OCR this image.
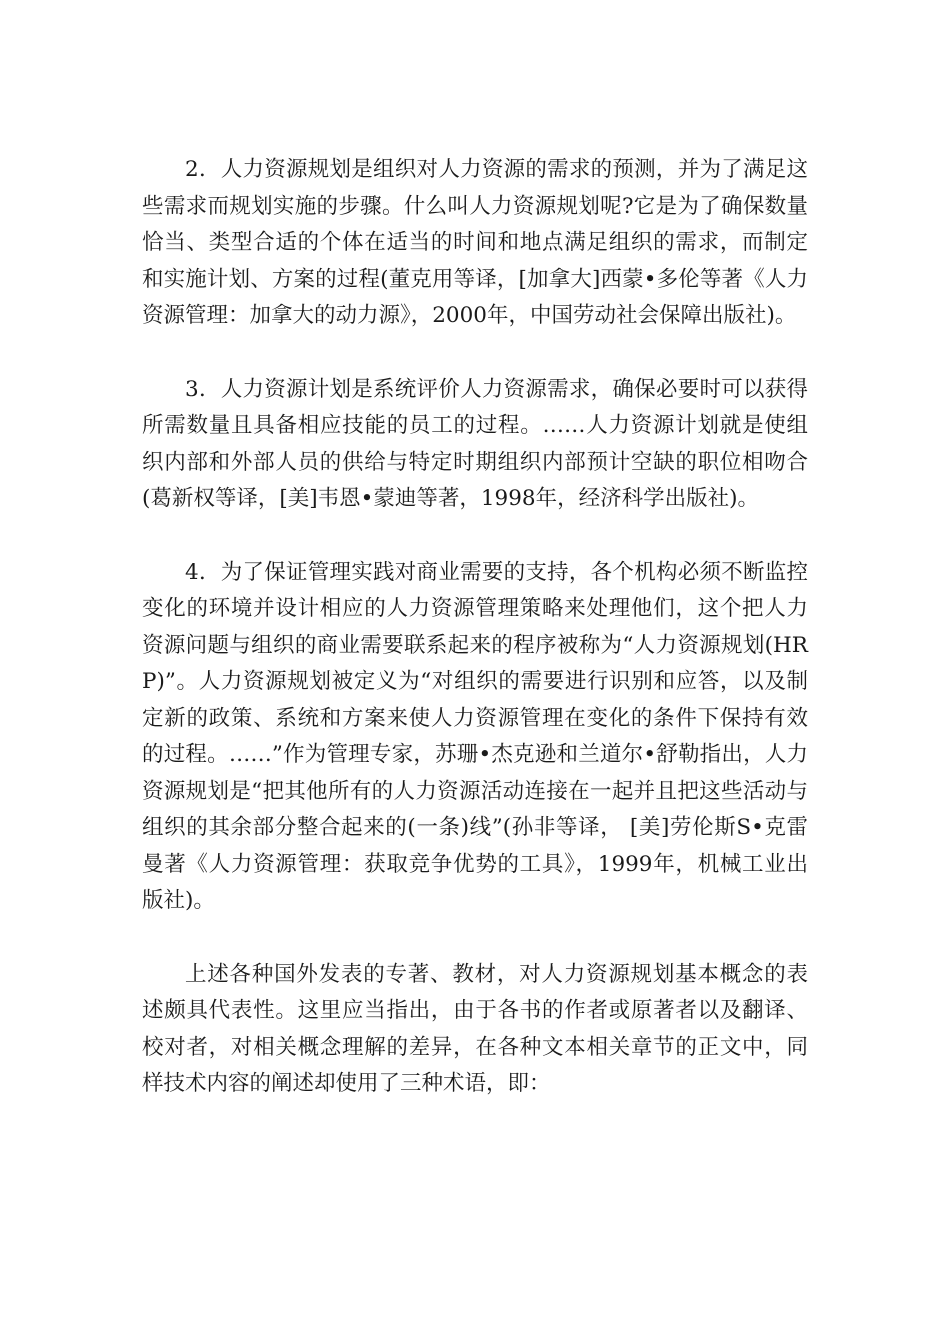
2．人力资源规划是组织对人力资源的需求的预测，并为了满足这些需求而规划实施的步骤。什么叫人力资源规划呢?它是为了确保数量恰当、类型合适的个体在适当的时间和地点满足组织的需求，而制定和实施计划、方案的过程(董克用等译，[加拿大]西蒙•多伦等著《人力资源管理：加拿大的动力源》，2000年，中国劳动社会保障出版社)。

3．人力资源计划是系统评价人力资源需求，确保必要时可以获得所需数量且具备相应技能的员工的过程。……人力资源计划就是使组织内部和外部人员的供给与特定时期组织内部预计空缺的职位相吻合(葛新权等译，[美]韦恩•蒙迪等著，1998年，经济科学出版社)。

4．为了保证管理实践对商业需要的支持，各个机构必须不断监控变化的环境并设计相应的人力资源管理策略来处理他们，这个把人力资源问题与组织的商业需要联系起来的程序被称为“人力资源规划(HRP)”。人力资源规划被定义为“对组织的需要进行识别和应答，以及制定新的政策、系统和方案来使人力资源管理在变化的条件下保持有效的过程。……”作为管理专家，苏珊•杰克逊和兰道尔•舒勒指出，人力资源规划是“把其他所有的人力资源活动连接在一起并且把这些活动与组织的其余部分整合起来的(一条)线”(孙非等译， [美]劳伦斯S•克雷曼著《人力资源管理：获取竞争优势的工具》，1999年，机械工业出版社)。

上述各种国外发表的专著、教材，对人力资源规划基本概念的表述颇具代表性。这里应当指出，由于各书的作者或原著者以及翻译、校对者，对相关概念理解的差异，在各种文本相关章节的正文中，同样技术内容的阐述却使用了三种术语，即：
